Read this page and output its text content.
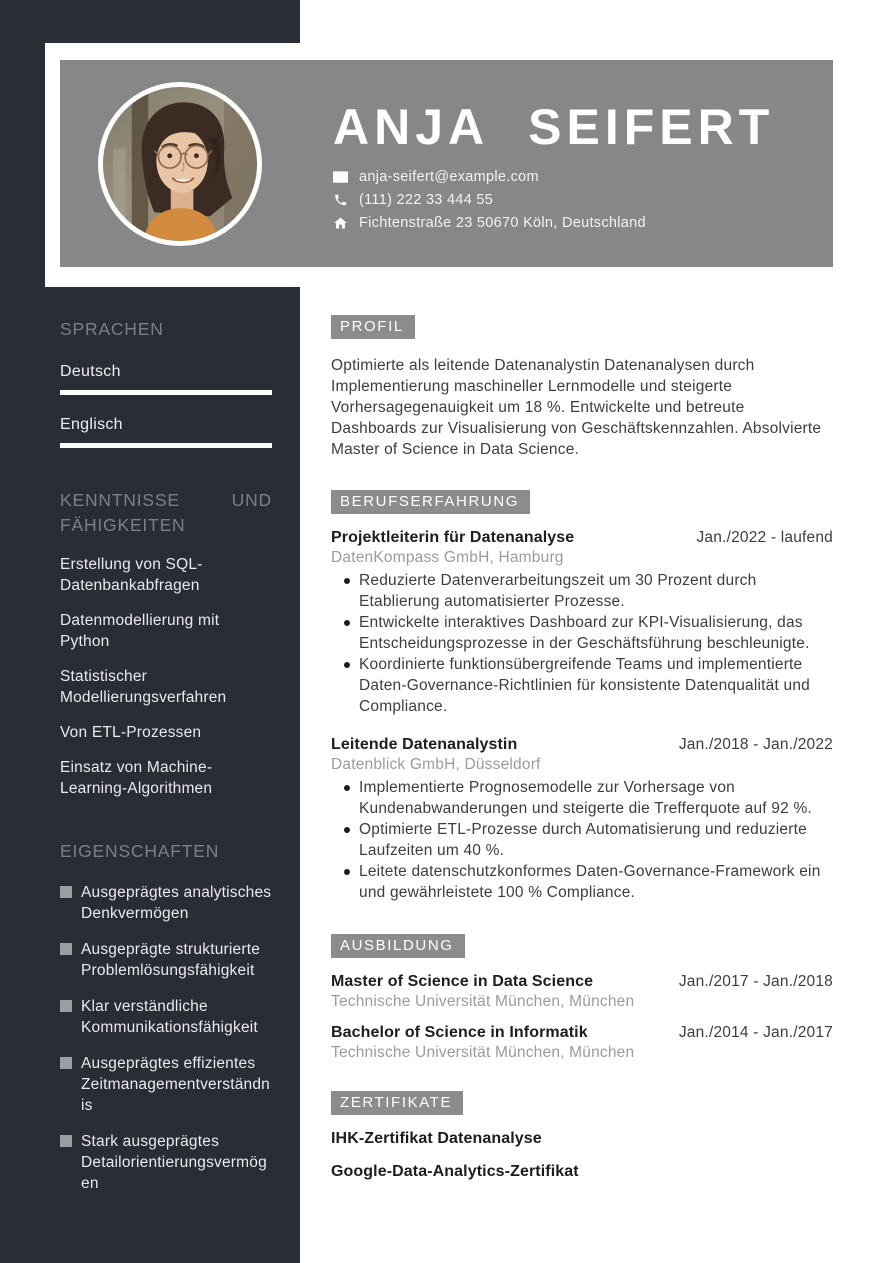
ANJA SEIFERT
anja-seifert@example.com
(111) 222 33 444 55
Fichtenstraße 23 50670 Köln, Deutschland
SPRACHEN
Deutsch
Englisch
KENNTNISSE UND FÄHIGKEITEN
Erstellung von SQL-Datenbankabfragen
Datenmodellierung mit Python
Statistischer Modellierungsverfahren
Von ETL-Prozessen
Einsatz von Machine-Learning-Algorithmen
EIGENSCHAFTEN
Ausgeprägtes analytisches Denkvermögen
Ausgeprägte strukturierte Problemlösungsfähigkeit
Klar verständliche Kommunikationsfähigkeit
Ausgeprägtes effizientes Zeitmanagementverständnis
Stark ausgeprägtes Detailorientierungsvermögen
PROFIL
Optimierte als leitende Datenanalystin Datenanalysen durch Implementierung maschineller Lernmodelle und steigerte Vorhersagegenauigkeit um 18 %. Entwickelte und betreute Dashboards zur Visualisierung von Geschäftskennzahlen. Absolvierte Master of Science in Data Science.
BERUFSERFAHRUNG
Projektleiterin für Datenanalyse	Jan./2022 - laufend
DatenKompass GmbH, Hamburg
Reduzierte Datenverarbeitungszeit um 30 Prozent durch Etablierung automatisierter Prozesse.
Entwickelte interaktives Dashboard zur KPI-Visualisierung, das Entscheidungsprozesse in der Geschäftsführung beschleunigte.
Koordinierte funktionsübergreifende Teams und implementierte Daten-Governance-Richtlinien für konsistente Datenqualität und Compliance.
Leitende Datenanalystin	Jan./2018 - Jan./2022
Datenblick GmbH, Düsseldorf
Implementierte Prognosemodelle zur Vorhersage von Kundenabwanderungen und steigerte die Trefferquote auf 92 %.
Optimierte ETL-Prozesse durch Automatisierung und reduzierte Laufzeiten um 40 %.
Leitete datenschutzkonformes Daten-Governance-Framework ein und gewährleistete 100 % Compliance.
AUSBILDUNG
Master of Science in Data Science	Jan./2017 - Jan./2018
Technische Universität München, München
Bachelor of Science in Informatik	Jan./2014 - Jan./2017
Technische Universität München, München
ZERTIFIKATE
IHK-Zertifikat Datenanalyse
Google-Data-Analytics-Zertifikat
